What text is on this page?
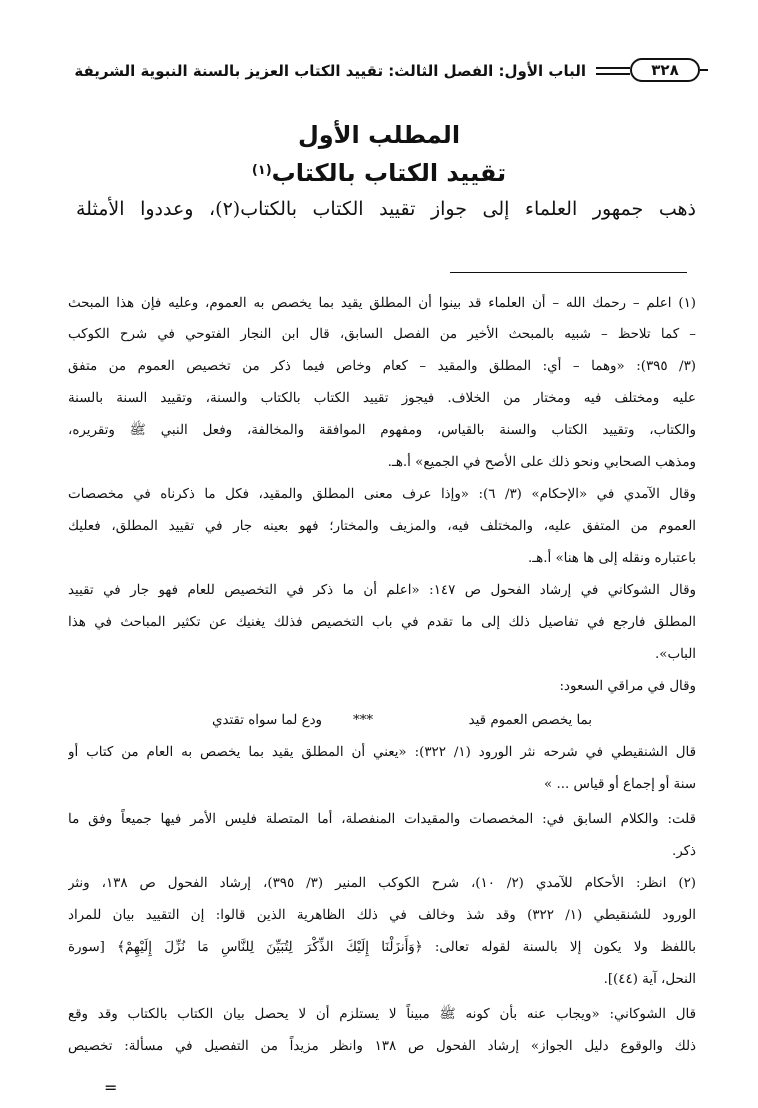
٣٢٨
الباب الأول: الفصل الثالث: تقييد الكتاب العزيز بالسنة النبوية الشريفة
المطلب الأول
تقييد الكتاب بالكتاب$^{(١)}$
ذهب جمهور العلماء إلى جواز تقييد الكتاب بالكتاب(٢)، وعددوا الأمثلة
(١) اعلم – رحمك الله – أن العلماء قد بينوا أن المطلق يقيد بما يخصص به العموم، وعليه فإن هذا المبحث
– كما تلاحظ – شبيه بالمبحث الأخير من الفصل السابق، قال ابن النجار الفتوحي في شرح الكوكب
(٣/ ٣٩٥): «وهما – أي: المطلق والمقيد – كعام وخاص فيما ذكر من تخصيص العموم من متفق
عليه ومختلف فيه ومختار من الخلاف. فيجوز تقييد الكتاب بالكتاب والسنة، وتقييد السنة بالسنة
والكتاب، وتقييد الكتاب والسنة بالقياس، ومفهوم الموافقة والمخالفة، وفعل النبي ﷺ وتقريره،
ومذهب الصحابي ونحو ذلك على الأصح في الجميع» أ.هـ.
وقال الآمدي في «الإحكام» (٣/ ٦): «وإذا عرف معنى المطلق والمقيد، فكل ما ذكرناه في مخصصات
العموم من المتفق عليه، والمختلف فيه، والمزيف والمختار؛ فهو بعينه جار في تقييد المطلق، فعليك
باعتباره ونقله إلى ها هنا» أ.هـ.
وقال الشوكاني في إرشاد الفحول ص ١٤٧: «اعلم أن ما ذكر في التخصيص للعام فهو جار في تقييد
المطلق فارجع في تفاصيل ذلك إلى ما تقدم في باب التخصيص فذلك يغنيك عن تكثير المباحث في هذا
الباب».
وقال في مراقي السعود:
بما يخصص العموم قيد
***
ودع لما سواه تقتدي
قال الشنقيطي في شرحه نثر الورود (١/ ٣٢٢): «يعني أن المطلق يقيد بما يخصص به العام من كتاب أو
سنة أو إجماع أو قياس ... »
قلت: والكلام السابق في: المخصصات والمقيدات المنفصلة، أما المتصلة فليس الأمر فيها جميعاً وفق ما
ذكر.
(٢) انظر: الأحكام للآمدي (٢/ ١٠)، شرح الكوكب المنير (٣/ ٣٩٥)، إرشاد الفحول ص ١٣٨، ونثر
الورود للشنقيطي (١/ ٣٢٢) وقد شذ وخالف في ذلك الظاهرية الذين قالوا: إن التقييد بيان للمراد
باللفظ ولا يكون إلا بالسنة لقوله تعالى: ﴿وَأَنزَلْنَا إِلَيْكَ الذِّكْرَ لِتُبَيِّنَ لِلنَّاسِ مَا نُزِّلَ إِلَيْهِمْ﴾ [سورة
النحل، آية (٤٤)].
قال الشوكاني: «ويجاب عنه بأن كونه ﷺ مبيناً لا يستلزم أن لا يحصل بيان الكتاب بالكتاب وقد وقع
ذلك والوقوع دليل الجواز» إرشاد الفحول ص ١٣٨ وانظر مزيداً من التفصيل في مسألة: تخصيص
=
